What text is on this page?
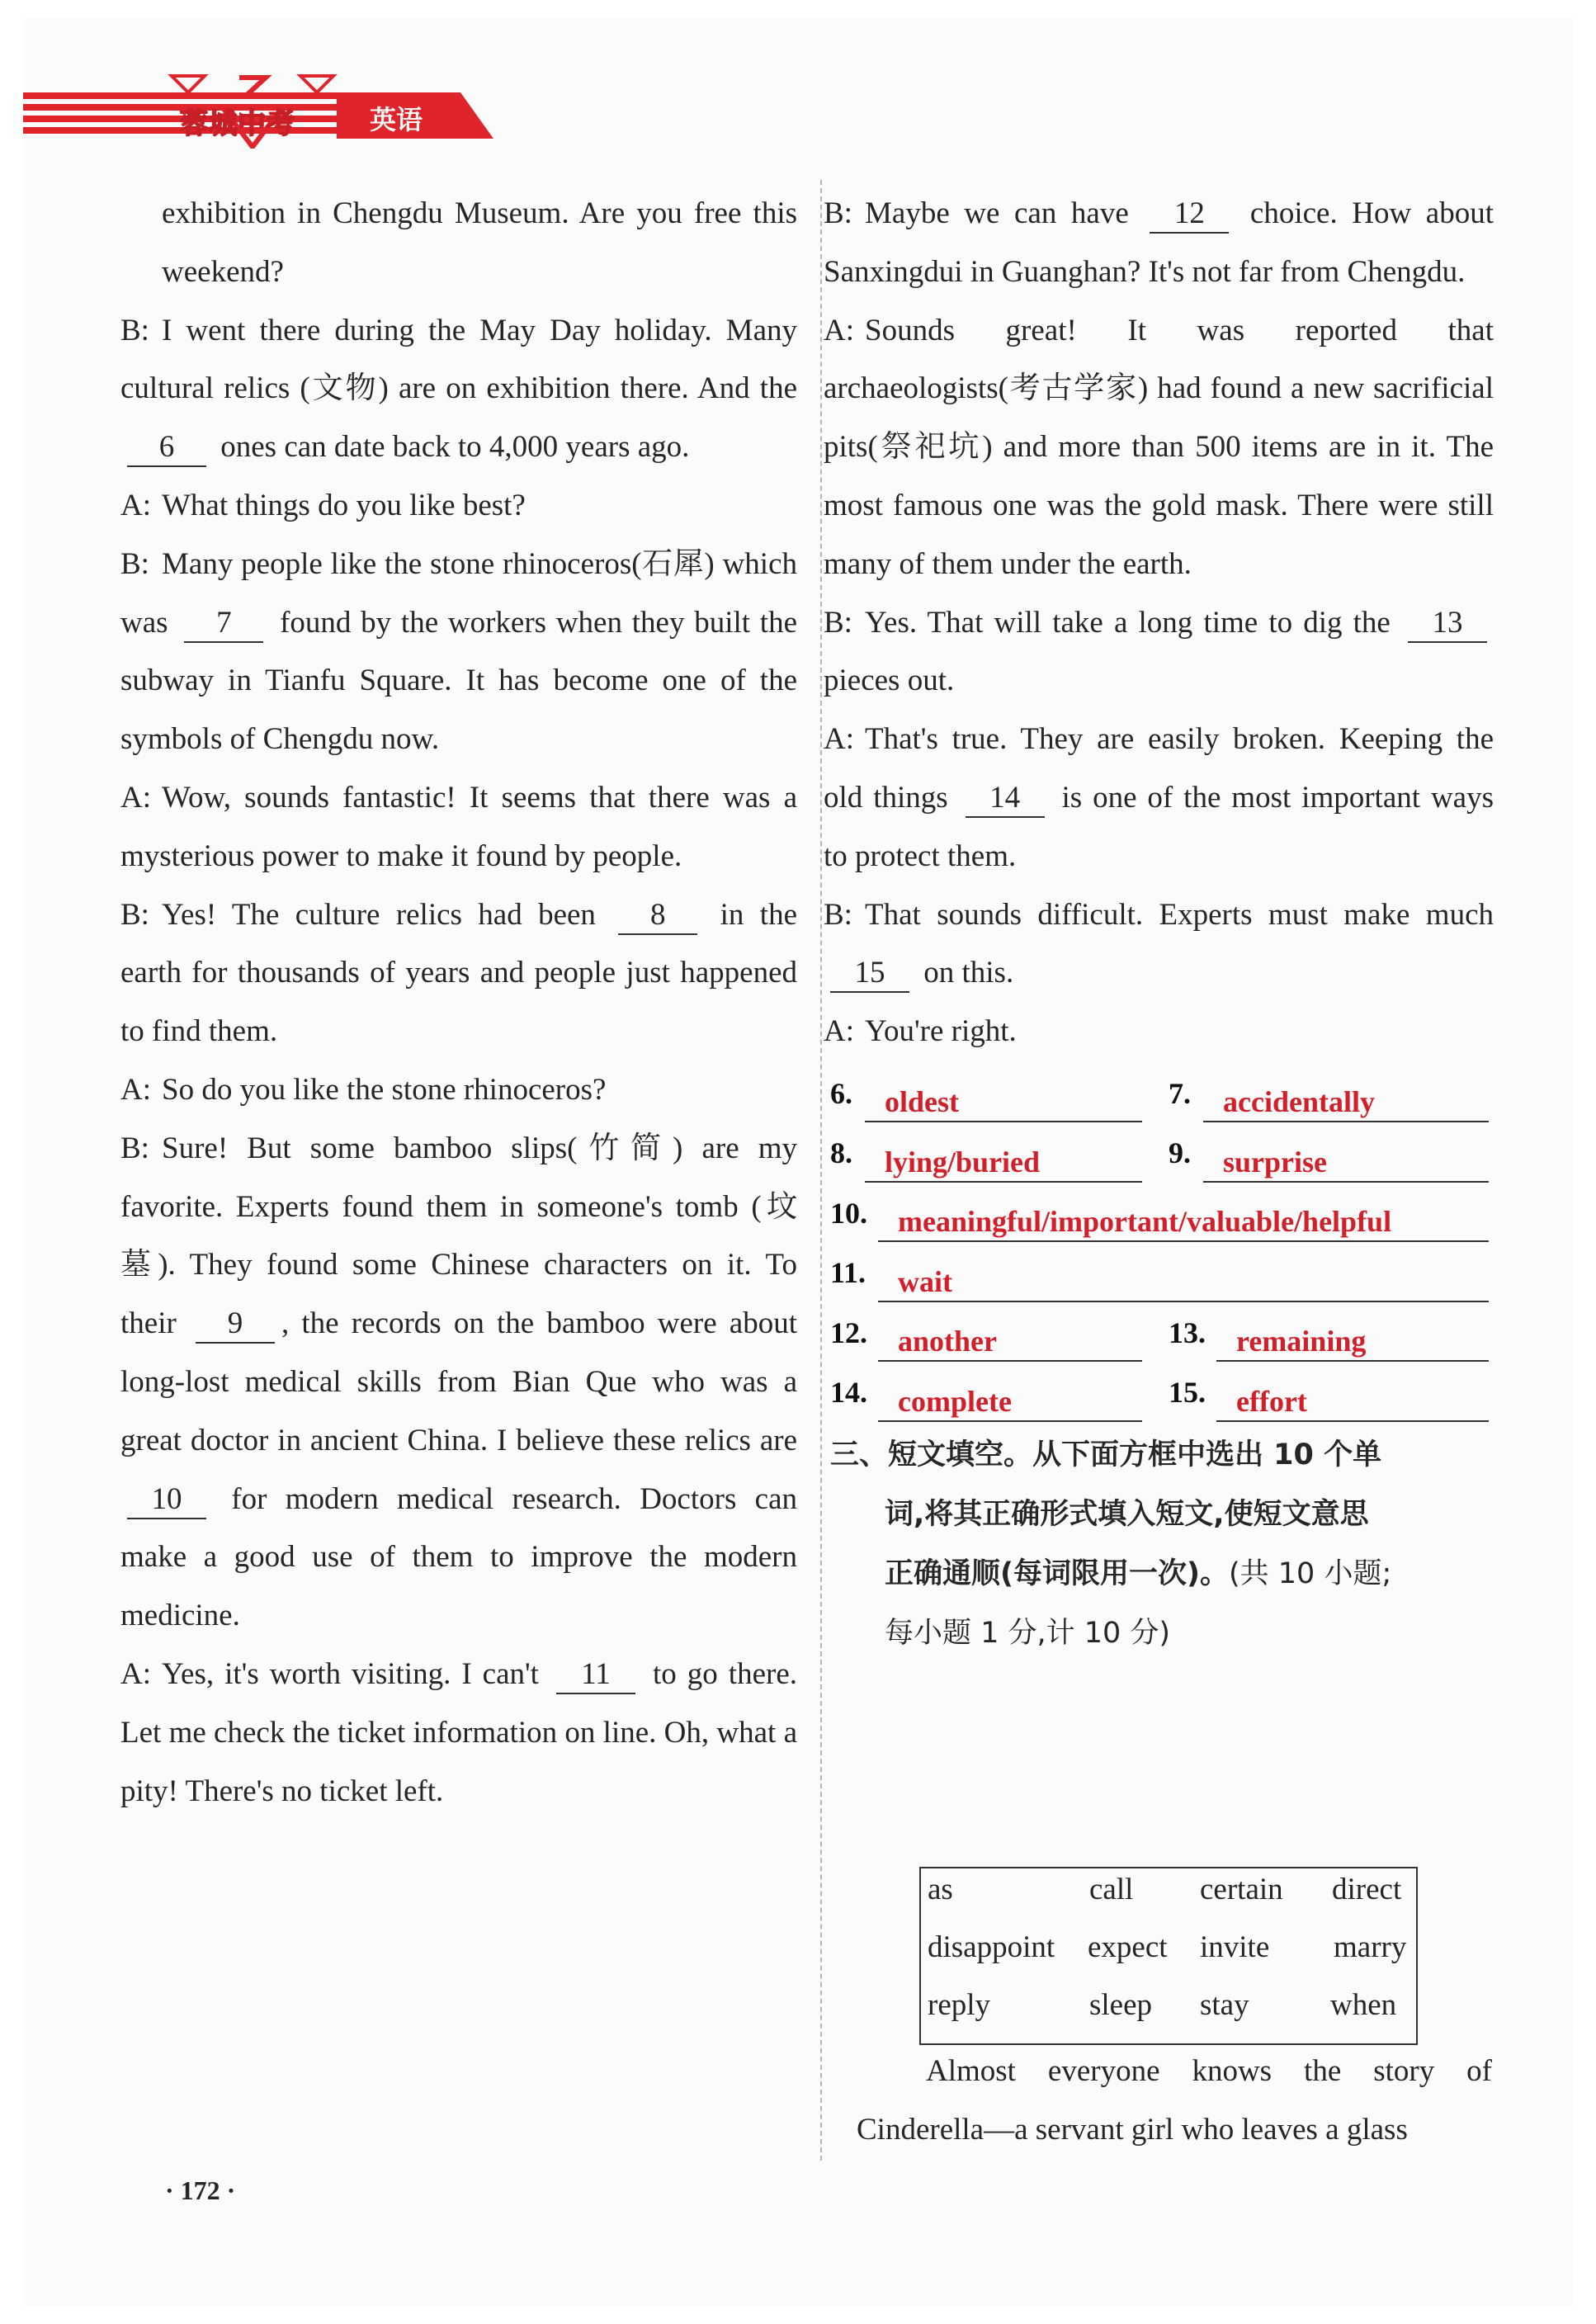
蓉城中考	英语

exhibition in Chengdu Museum. Are you free this weekend?

B: I went there during the May Day holiday. Many cultural relics (文物) are on exhibition there. And the 6 ones can date back to 4,000 years ago.

A: What things do you like best?

B: Many people like the stone rhinoceros(石犀) which was 7 found by the workers when they built the subway in Tianfu Square. It has become one of the symbols of Chengdu now.

A: Wow, sounds fantastic! It seems that there was a mysterious power to make it found by people.

B: Yes! The culture relics had been 8 in the earth for thousands of years and people just happened to find them.

A: So do you like the stone rhinoceros?

B: Sure! But some bamboo slips(竹简) are my favorite. Experts found them in someone's tomb (坟墓). They found some Chinese characters on it. To their 9 , the records on the bamboo were about long-lost medical skills from Bian Que who was a great doctor in ancient China. I believe these relics are 10 for modern medical research. Doctors can make a good use of them to improve the modern medicine.

A: Yes, it's worth visiting. I can't 11 to go there. Let me check the ticket information on line. Oh, what a pity! There's no ticket left.

B: Maybe we can have 12 choice. How about Sanxingdui in Guanghan? It's not far from Chengdu.

A: Sounds great! It was reported that archaeologists(考古学家) had found a new sacrificial pits(祭祀坑) and more than 500 items are in it. The most famous one was the gold mask. There were still many of them under the earth.

B: Yes. That will take a long time to dig the 13 pieces out.

A: That's true. They are easily broken. Keeping the old things 14 is one of the most important ways to protect them.

B: That sounds difficult. Experts must make much 15 on this.

A: You're right.

6.	oldest	7.	accidentally
8.	lying/buried	9.	surprise
10.	meaningful/important/valuable/helpful
11.	wait
12.	another	13.	remaining
14.	complete	15.	effort
三、短文填空。从下面方框中选出 10 个单
词,将其正确形式填入短文,使短文意思
正确通顺(每词限用一次)。(共 10 小题;
每小题 1 分,计 10 分)
as	call certain direct
disappoint expect invite marry
reply	sleep stay	when
Almost everyone knows the story of Cinderella—a servant girl who leaves a glass
· 172 ·
